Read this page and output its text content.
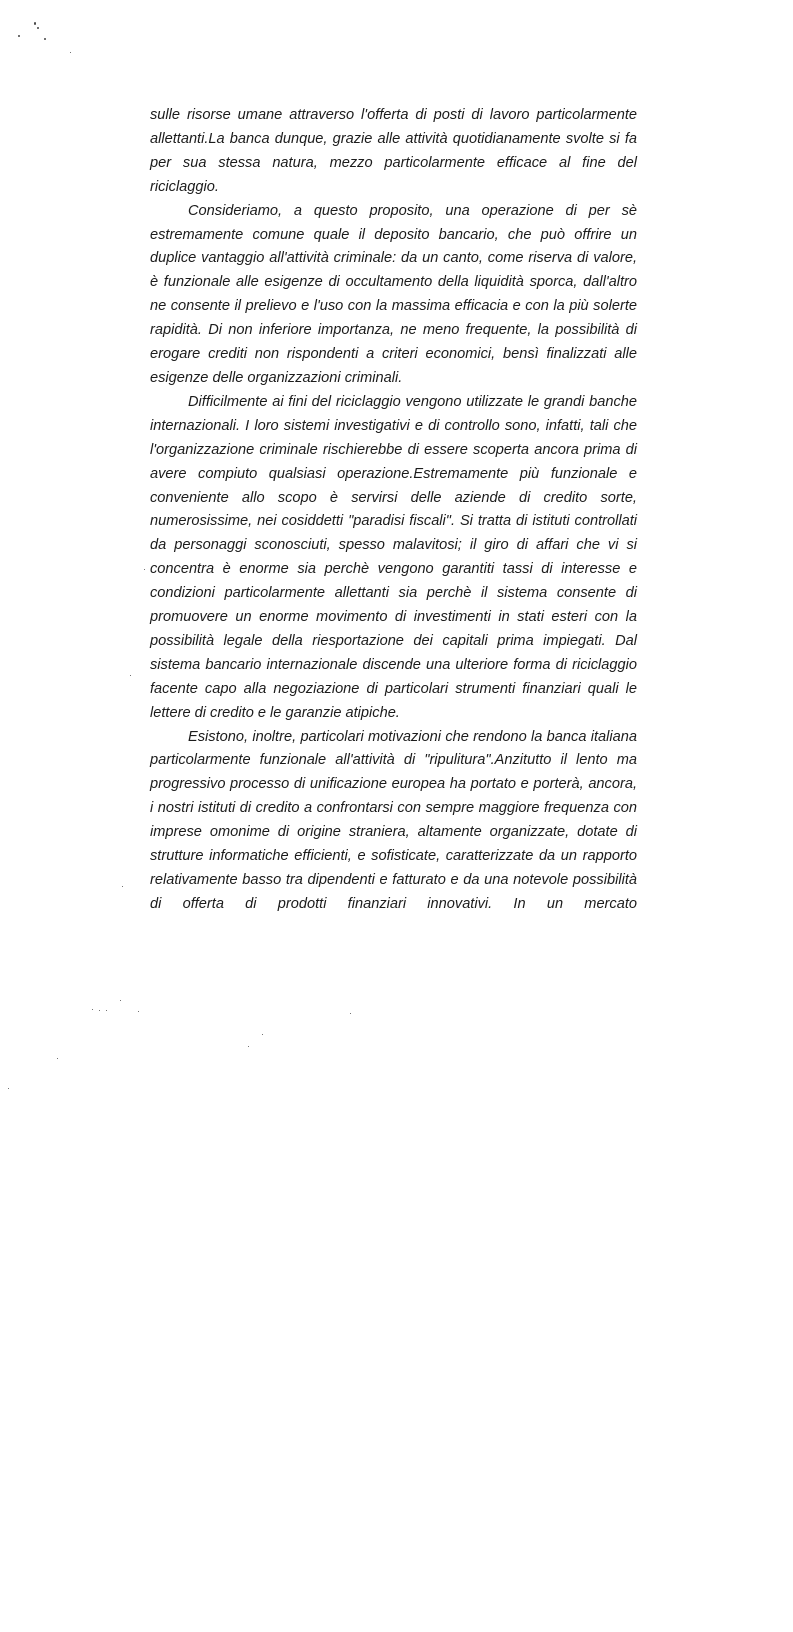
sulle risorse umane attraverso l'offerta di posti di lavoro particolarmente allettanti.La banca dunque, grazie alle attività quotidianamente svolte si fa per sua stessa natura, mezzo particolarmente efficace al fine del riciclaggio.

Consideriamo, a questo proposito, una operazione di per sè estremamente comune quale il deposito bancario, che può offrire un duplice vantaggio all'attività criminale: da un canto, come riserva di valore, è funzionale alle esigenze di occultamento della liquidità sporca, dall'altro ne consente il prelievo e l'uso con la massima efficacia e con la più solerte rapidità. Di non inferiore importanza, ne meno frequente, la possibilità di erogare crediti non rispondenti a criteri economici, bensì finalizzati alle esigenze delle organizzazioni criminali.

Difficilmente ai fini del riciclaggio vengono utilizzate le grandi banche internazionali. I loro sistemi investigativi e di controllo sono, infatti, tali che l'organizzazione criminale rischierebbe di essere scoperta ancora prima di avere compiuto qualsiasi operazione.Estremamente più funzionale e conveniente allo scopo è servirsi delle aziende di credito sorte, numerosissime, nei cosiddetti "paradisi fiscali". Si tratta di istituti controllati da personaggi sconosciuti, spesso malavitosi; il giro di affari che vi si concentra è enorme sia perchè vengono garantiti tassi di interesse e condizioni particolarmente allettanti sia perchè il sistema consente di promuovere un enorme movimento di investimenti in stati esteri con la possibilità legale della riesportazione dei capitali prima impiegati. Dal sistema bancario internazionale discende una ulteriore forma di riciclaggio facente capo alla negoziazione di particolari strumenti finanziari quali le lettere di credito e le garanzie atipiche.

Esistono, inoltre, particolari motivazioni che rendono la banca italiana particolarmente funzionale all'attività di "ripulitura".Anzitutto il lento ma progressivo processo di unificazione europea ha portato e porterà, ancora, i nostri istituti di credito a confrontarsi con sempre maggiore frequenza con imprese omonime di origine straniera, altamente organizzate, dotate di strutture informatiche efficienti, e sofisticate, caratterizzate da un rapporto relativamente basso tra dipendenti e fatturato e da una notevole possibilità di offerta di prodotti finanziari innovativi. In un mercato
